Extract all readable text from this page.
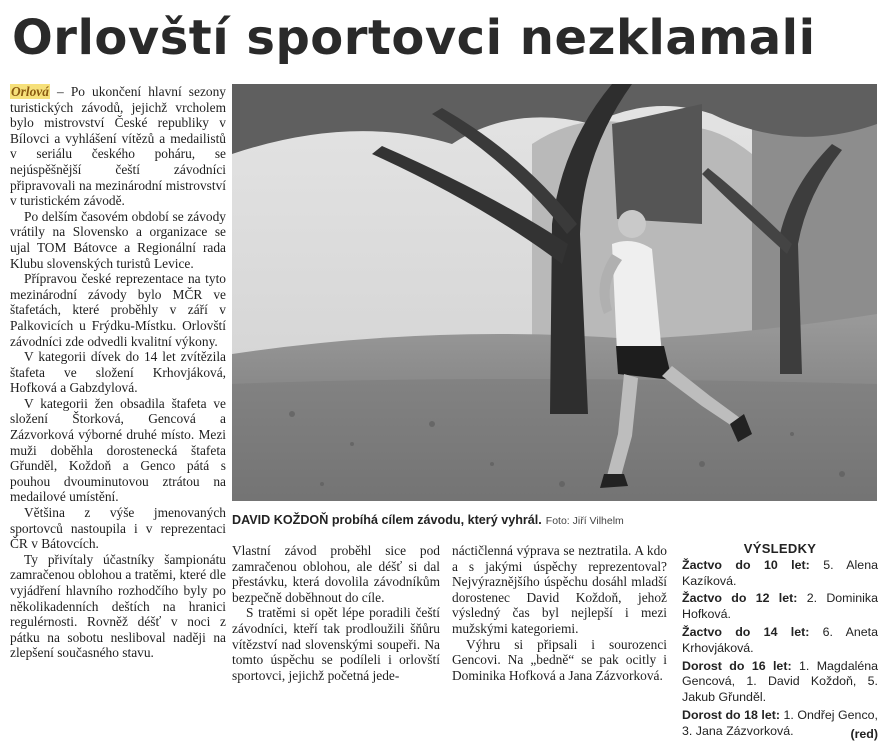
Orlovští sportovci nezklamali

Orlová – Po ukončení hlavní sezony turistických závodů, jejichž vrcholem bylo mistrovství České republiky v Bílovci a vyhlášení vítězů a medailistů v seriálu českého poháru, se nejúspěšnější čeští závodníci připravovali na mezinárodní mistrovství v turistickém závodě.

Po delším časovém období se závody vrátily na Slovensko a organizace se ujal TOM Bátovce a Regionální rada Klubu slovenských turistů Levice.

Přípravou české reprezentace na tyto mezinárodní závody bylo MČR ve štafetách, které proběhly v září v Palkovicích u Frýdku-Místku. Orlovští závodníci zde odvedli kvalitní výkony.

V kategorii dívek do 14 let zvítězila štafeta ve složení Krhovjáková, Hofková a Gabzdylová.

V kategorii žen obsadila štafeta ve složení Štorková, Gencová a Zázvorková výborné druhé místo. Mezi muži doběhla dorostenecká štafeta Gřunděl, Koždoň a Genco pátá s pouhou dvouminutovou ztrátou na medailové umístění.

Většina z výše jmenovaných sportovců nastoupila i v reprezentaci ČR v Bátovcích.

Ty přivítaly účastníky šampionátu zamračenou oblohou a tratěmi, které dle vyjádření hlavního rozhodčího byly po několikadenních deštích na hranici regulérnosti. Rovněž déšť v noci z pátku na sobotu nesliboval naději na zlepšení současného stavu.

DAVID KOŽDOŇ probíhá cílem závodu, který vyhrál. Foto: Jiří Vilhelm

Vlastní závod proběhl sice pod zamračenou oblohou, ale déšť si dal přestávku, která dovolila závodníkům bezpečně doběhnout do cíle.

S tratěmi si opět lépe poradili čeští závodníci, kteří tak prodloužili šňůru vítězství nad slovenskými soupeři. Na tomto úspěchu se podíleli i orlovští sportovci, jejichž početná jede-

náctičlenná výprava se neztratila. A kdo a s jakými úspěchy reprezentoval? Nejvýraznějšího úspěchu dosáhl mladší dorostenec David Koždoň, jehož výsledný čas byl nejlepší i mezi mužskými kategoriemi.

Výhru si připsali i sourozenci Gencovi. Na „bedně“ se pak ocitly i Dominika Hofková a Jana Zázvorková.

VÝSLEDKY
Žactvo do 10 let: 5. Alena Kazíková.
Žactvo do 12 let: 2. Dominika Hofková.
Žactvo do 14 let: 6. Aneta Krhovjáková.
Dorost do 16 let: 1. Magdaléna Gencová, 1. David Koždoň, 5. Jakub Gřunděl.
Dorost do 18 let: 1. Ondřej Genco, 3. Jana Zázvorková.	(red)
